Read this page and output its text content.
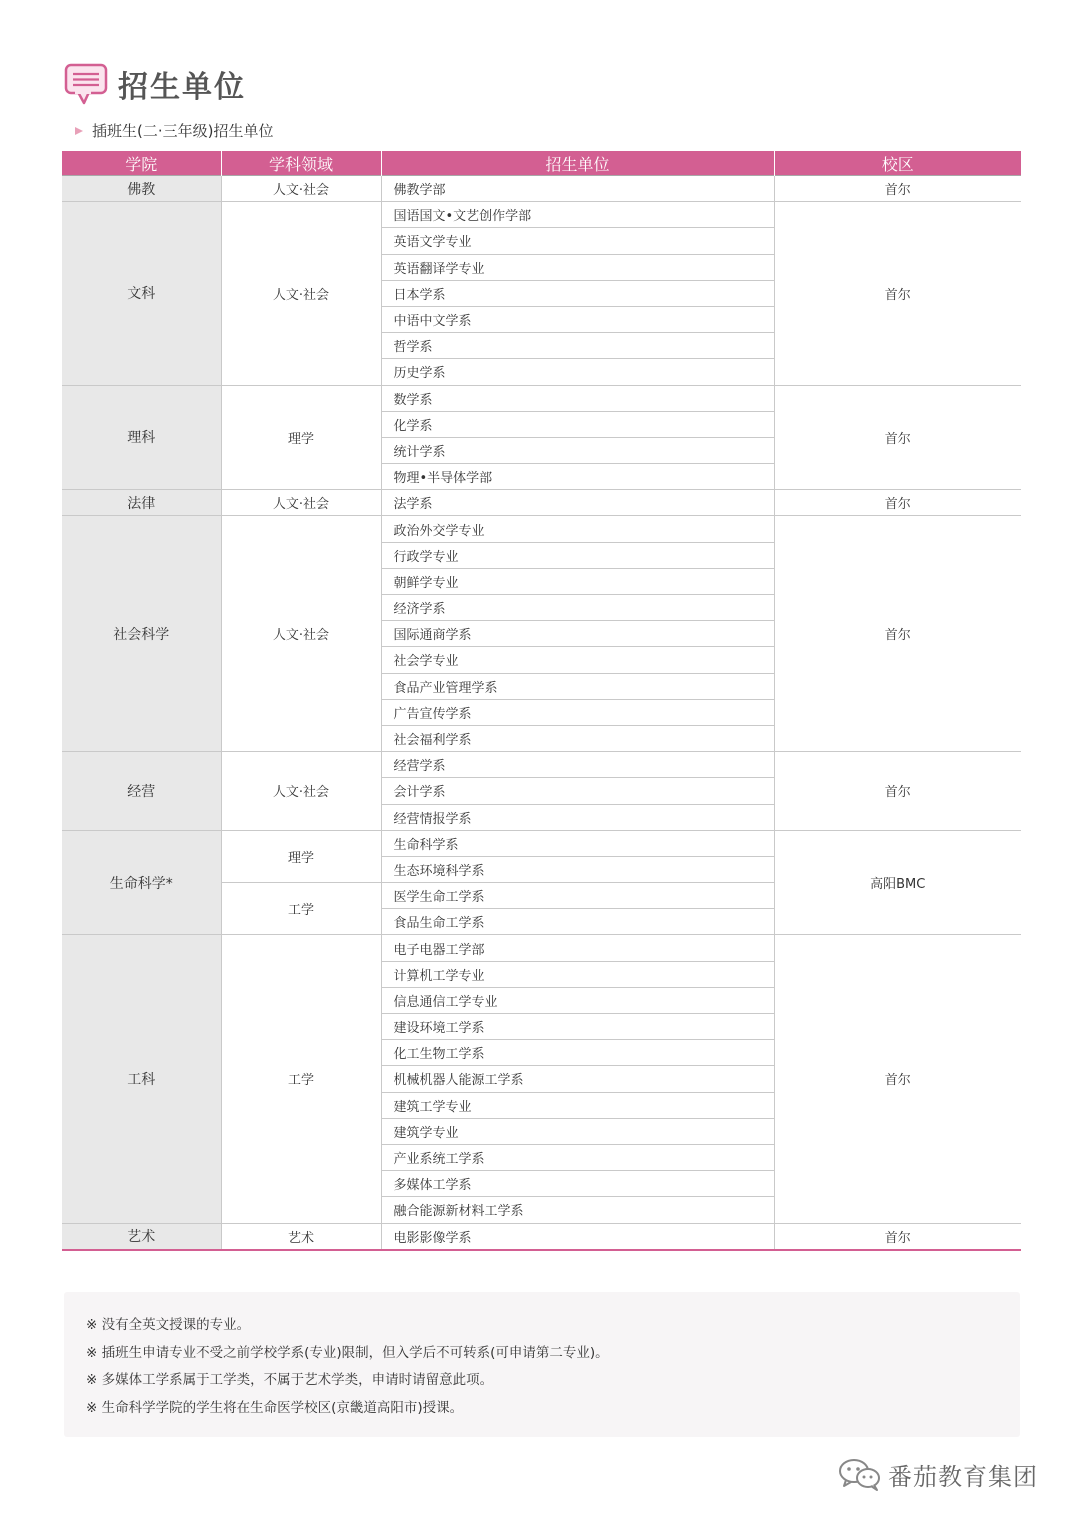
招生单位
插班生(二·三年级)招生单位
学院	学科领域	招生单位	校区
佛教	人文·社会	佛教学部	首尔
文科	人文·社会	国语国文•文艺创作学部	首尔
		英语文学专业	
		英语翻译学专业	
		日本学系	
		中语中文学系	
		哲学系	
		历史学系	
理科	理学	数学系	首尔
		化学系	
		统计学系	
		物理•半导体学部	
法律	人文·社会	法学系	首尔
社会科学	人文·社会	政治外交学专业	首尔
		行政学专业	
		朝鲜学专业	
		经济学系	
		国际通商学系	
		社会学专业	
		食品产业管理学系	
		广告宣传学系	
		社会福利学系	
经营	人文·社会	经营学系	首尔
		会计学系	
		经营情报学系	
生命科学*	理学	生命科学系	高阳BMC
		生态环境科学系	
	工学	医学生命工学系	
		食品生命工学系	
工科	工学	电子电器工学部	首尔
		计算机工学专业	
		信息通信工学专业	
		建设环境工学系	
		化工生物工学系	
		机械机器人能源工学系	
		建筑工学专业	
		建筑学专业	
		产业系统工学系	
		多媒体工学系	
		融合能源新材料工学系	
艺术	艺术	电影影像学系	首尔
※ 没有全英文授课的专业。
※ 插班生申请专业不受之前学校学系(专业)限制，但入学后不可转系(可申请第二专业)。
※ 多媒体工学系属于工学类，不属于艺术学类，申请时请留意此项。
※ 生命科学学院的学生将在生命医学校区(京畿道高阳市)授课。
番茄教育集团
